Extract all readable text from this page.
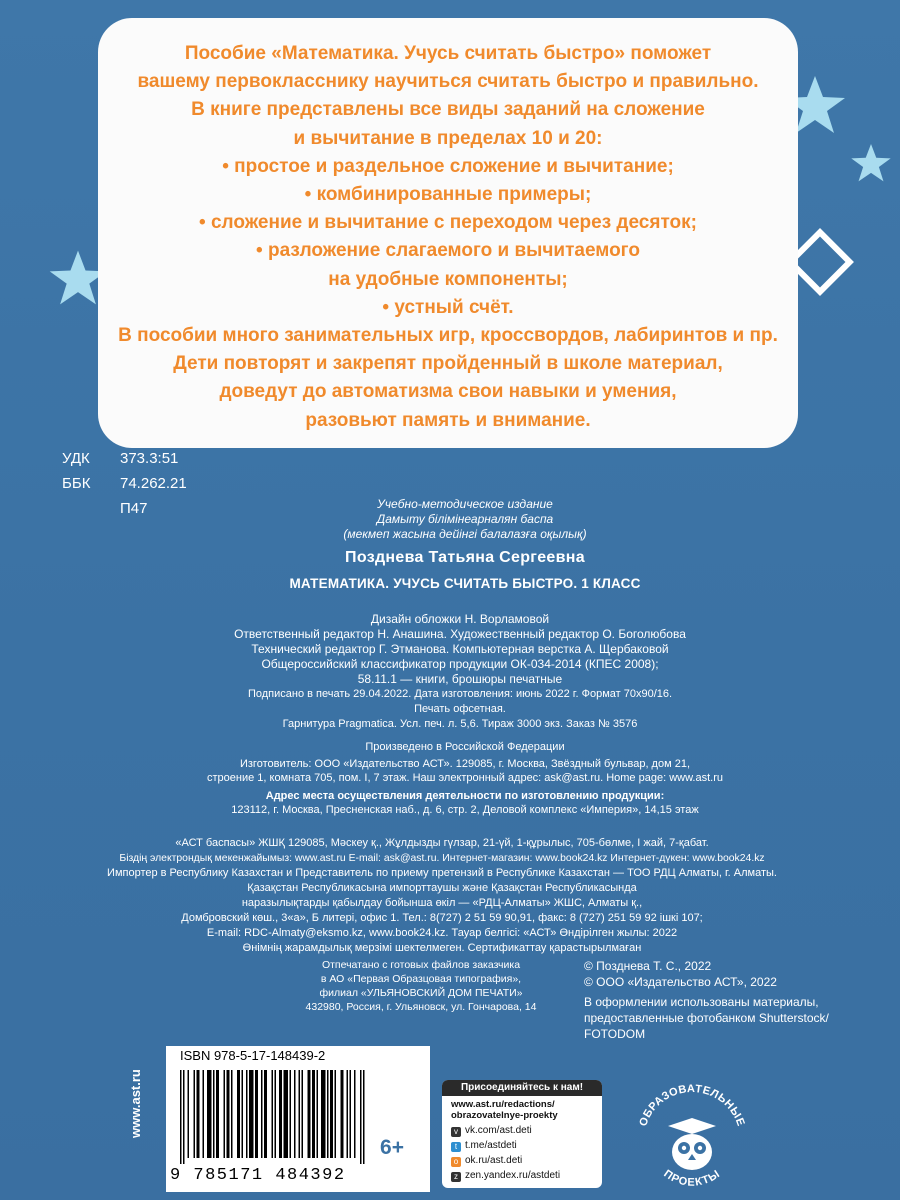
Пособие «Математика. Учусь считать быстро» поможет

вашему первокласснику научиться считать быстро и правильно.

В книге представлены все виды заданий на сложение

и вычитание в пределах 10 и 20:

• простое и раздельное сложение и вычитание;

• комбинированные примеры;

• сложение и вычитание с переходом через десяток;

• разложение слагаемого и вычитаемого

на удобные компоненты;

• устный счёт.

В пособии много занимательных игр, кроссвордов, лабиринтов и пр.

Дети повторят и закрепят пройденный в школе материал,

доведут до автоматизма свои навыки и умения,

разовьют память и внимание.

УДК 373.3:51
ББК 74.262.21
П47	Учебно-методическое издание
Дамыту білімінеарналян баспа
(мекмеп жасына дейінгі балалазға оқылық)
Позднева Татьяна Сергеевна
МАТЕМАТИКА. УЧУСЬ СЧИТАТЬ БЫСТРО. 1 КЛАСС
Дизайн обложки Н. Ворламовой
Ответственный редактор Н. Анашина. Художественный редактор О. Боголюбова
Технический редактор Г. Этманова. Компьютерная верстка А. Щербаковой
Общероссийский классификатор продукции ОК-034-2014 (КПЕС 2008);
58.11.1 — книги, брошюры печатные
Подписано в печать 29.04.2022. Дата изготовления: июнь 2022 г. Формат 70х90/16. Печать офсетная.
Гарнитура Pragmatica. Усл. печ. л. 5,6. Тираж 3000 экз. Заказ № 3576
Произведено в Российской Федерации
Изготовитель: ООО «Издательство АСТ». 129085, г. Москва, Звёздный бульвар, дом 21,
строение 1, комната 705, пом. I, 7 этаж. Наш электронный адрес: ask@ast.ru. Home page: www.ast.ru
Адрес места осуществления деятельности по изготовлению продукции:
123112, г. Москва, Пресненская наб., д. 6, стр. 2, Деловой комплекс «Империя», 14,15 этаж
«АСТ баспасы» ЖШҚ 129085, Мәскеу қ., Жұлдызды гүлзар, 21-үй, 1-құрылыс, 705-бөлме, I жай, 7-қабат.
Біздің электрондық мекенжайымыз: www.ast.ru E-mail: ask@ast.ru. Интернет-магазин: www.book24.kz Интернет-дүкен: www.book24.kz
Импортер в Республику Казахстан и Представитель по приему претензий в Республике Казахстан — ТОО РДЦ Алматы, г. Алматы.
Қазақстан Республикасына импорттаушы және Қазақстан Республикасында
наразылықтарды қабылдау бойынша өкіл — «РДЦ-Алматы» ЖШС, Алматы қ.,
Домбровский көш., 3«а», Б литері, офис 1. Тел.: 8(727) 2 51 59 90,91, факс: 8 (727) 251 59 92 ішкі 107;
E-mail: RDC-Almaty@eksmo.kz, www.book24.kz. Тауар белгісі: «АСТ» Өндірілген жылы: 2022
Өнімнің жарамдылық мерзімі шектелмеген. Сертификаттау қарастырылмаған
Отпечатано с готовых файлов заказчика
в АО «Первая Образцовая типография»,
филиал «УЛЬЯНОВСКИЙ ДОМ ПЕЧАТИ»
432980, Россия, г. Ульяновск, ул. Гончарова, 14
© Позднева Т. С., 2022
© ООО «Издательство АСТ», 2022
В оформлении использованы материалы,
предоставленные фотобанком Shutterstock/
FOTODOM
www.ast.ru
ISBN 978-5-17-148439-2
9 785171 484392
6+
Присоединяйтесь к нам!
www.ast.ru/redactions/
obrazovatelnye-proekty
v vk.com/ast.deti
t t.me/astdeti
o ok.ru/ast.deti
z zen.yandex.ru/astdeti
ОБРАЗОВАТЕЛЬНЫЕ
ПРОЕКТЫ
